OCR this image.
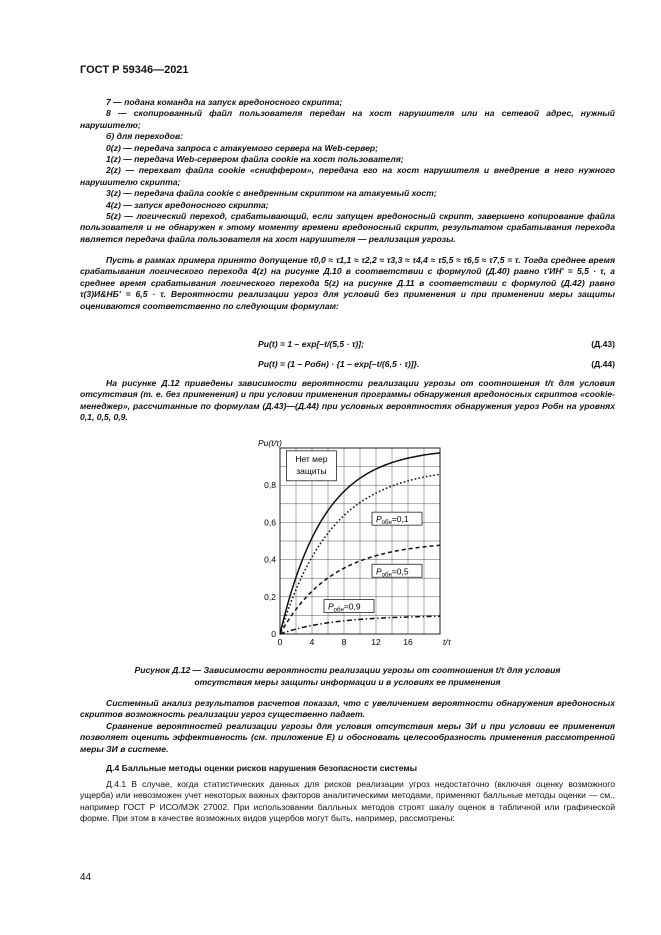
ГОСТ Р 59346—2021

7 — подана команда на запуск вредоносного скрипта;

8 — скопированный файл пользователя передан на хост нарушителя или на сетевой адрес, нужный нарушителю;

б) для переходов:

0(z) — передача запроса с атакуемого сервера на Web-сервер;

1(z) — передача Web-сервером файла cookie на хост пользователя;

2(z) — перехват файла cookie «сниффером», передача его на хост нарушителя и внедрение в него нужного нарушителю скрипта;

3(z) — передача файла cookie с внедренным скриптом на атакуемый хост;

4(z) — запуск вредоносного скрипта;

5(z) — логический переход, срабатывающий, если запущен вредоносный скрипт, завершено копирование файла пользователя и не обнаружен к этому моменту времени вредоносный скрипт, результатом срабатывания перехода является передача файла пользователя на хост нарушителя — реализация угрозы.

Пусть в рамках примера принято допущение τ0,0 ≈ τ1,1 ≈ τ2,2 ≈ τ3,3 ≈ τ4,4 ≈ τ5,5 ≈ τ6,5 ≈ τ7,5 = τ. Тогда среднее время срабатывания логического перехода 4(z) на рисунке Д.10 в соответствии с формулой (Д.40) равно τ'ИН' = 5,5 · τ, а среднее время срабатывания логического перехода 5(z) на рисунке Д.11 в соответствии с формулой (Д.42) равно τ(3)И&НБ' = 6,5 · τ. Вероятности реализации угроз для условий без применения и при применении меры защиты оцениваются соответственно по следующим формулам:

Pu(t) = 1 – exp[–t/(5,5 · τ)];	(Д.43)
Pu(t) = (1 – Pобн) · {1 – exp[–t/(6,5 · τ)]}.	(Д.44)

На рисунке Д.12 приведены зависимости вероятности реализации угрозы от соотношения t/τ для условия отсутствия (т. е. без применения) и при условии применения программы обнаружения вредоносных скриптов «cookie-менеджер», рассчитанные по формулам (Д.43)—(Д.44) при условных вероятностях обнаружения угроз Pобн на уровнях 0,1, 0,5, 0,9.

0	4	8	12	16
0
0,2
0,4
0,6
0,8
t/τ
Pu(t/τ)
Нет мер
защиты
$P_{обн}=0,1$
$P_{обн}=0,5$
$P_{обн}=0,9$
Рисунок Д.12 — Зависимости вероятности реализации угрозы от соотношения t/τ для условия
отсутствия меры защиты информации и в условиях ее применения

Системный анализ результатов расчетов показал, что с увеличением вероятности обнаружения вредоносных скриптов возможность реализации угроз существенно падает.

Сравнение вероятностей реализации угрозы для условия отсутствия меры ЗИ и при условии ее применения позволяет оценить эффективность (см. приложение Е) и обосновать целесообразность применения рассмотренной меры ЗИ в системе.

Д.4 Балльные методы оценки рисков нарушения безопасности системы

Д.4.1 В случае, когда статистических данных для рисков реализации угроз недостаточно (включая оценку возможного ущерба) или невозможен учет некоторых важных факторов аналитическими методами, применяют балльные методы оценки — см., например ГОСТ Р ИСО/МЭК 27002. При использовании балльных методов строят шкалу оценок в табличной или графической форме. При этом в качестве возможных видов ущербов могут быть, например, рассмотрены:

44
